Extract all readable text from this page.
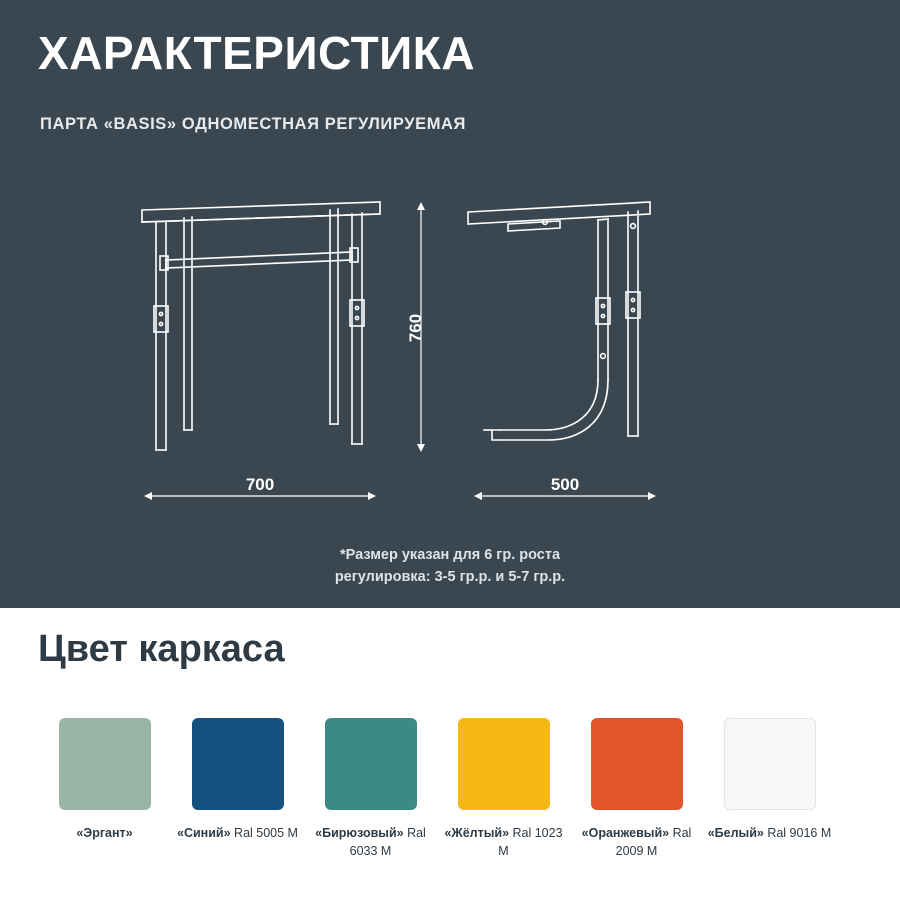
ХАРАКТЕРИСТИКА
ПАРТА «BASIS» ОДНОМЕСТНАЯ РЕГУЛИРУЕМАЯ
760
700	500
*Размер указан для 6 гр. роста
регулировка: 3-5 гр.р. и 5-7 гр.р.
Цвет каркаса
«Эргант»	«Синий» Ral 5005 М	«Бирюзовый» Ral 6033 М
«Жёлтый» Ral 1023 М
«Оранжевый» Ral 2009 М
«Белый» Ral 9016 М
